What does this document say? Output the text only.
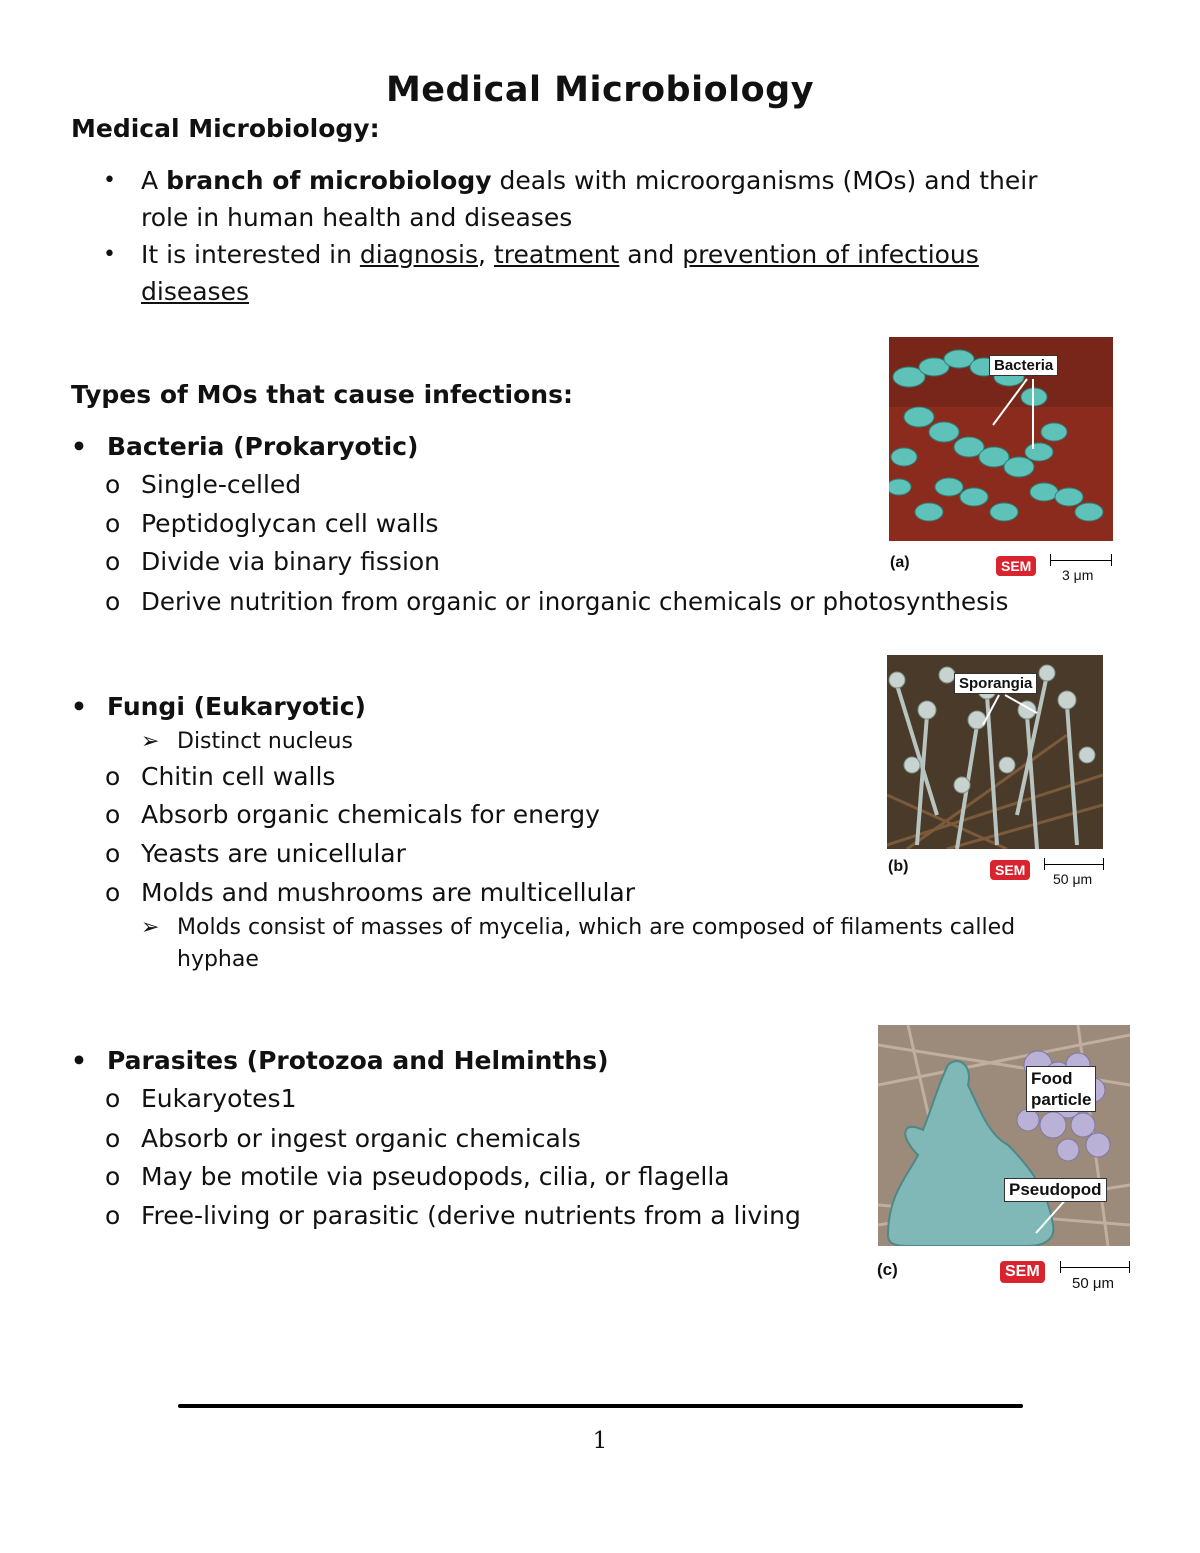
Medical Microbiology
Medical Microbiology:
• A branch of microbiology deals with microorganisms (MOs) and their
role in human health and diseases
• It is interested in diagnosis, treatment and prevention of infectious
diseases
Types of MOs that cause infections:
• Bacteria (Prokaryotic)
o Single-celled
o Peptidoglycan cell walls
o Divide via binary fission
o Derive nutrition from organic or inorganic chemicals or photosynthesis
• Fungi (Eukaryotic)
➢ Distinct nucleus
o Chitin cell walls
o Absorb organic chemicals for energy
o Yeasts are unicellular
o Molds and mushrooms are multicellular
➢ Molds consist of masses of mycelia, which are composed of filaments called
hyphae
• Parasites (Protozoa and Helminths)
o Eukaryotes1
o Absorb or ingest organic chemicals
o May be motile via pseudopods, cilia, or flagella
o Free-living or parasitic (derive nutrients from a living
Bacteria
(a)	SEM
3 μm
Sporangia
(b)	SEM
50 μm
Food
particle
Pseudopod
(c)	SEM
50 μm
1
